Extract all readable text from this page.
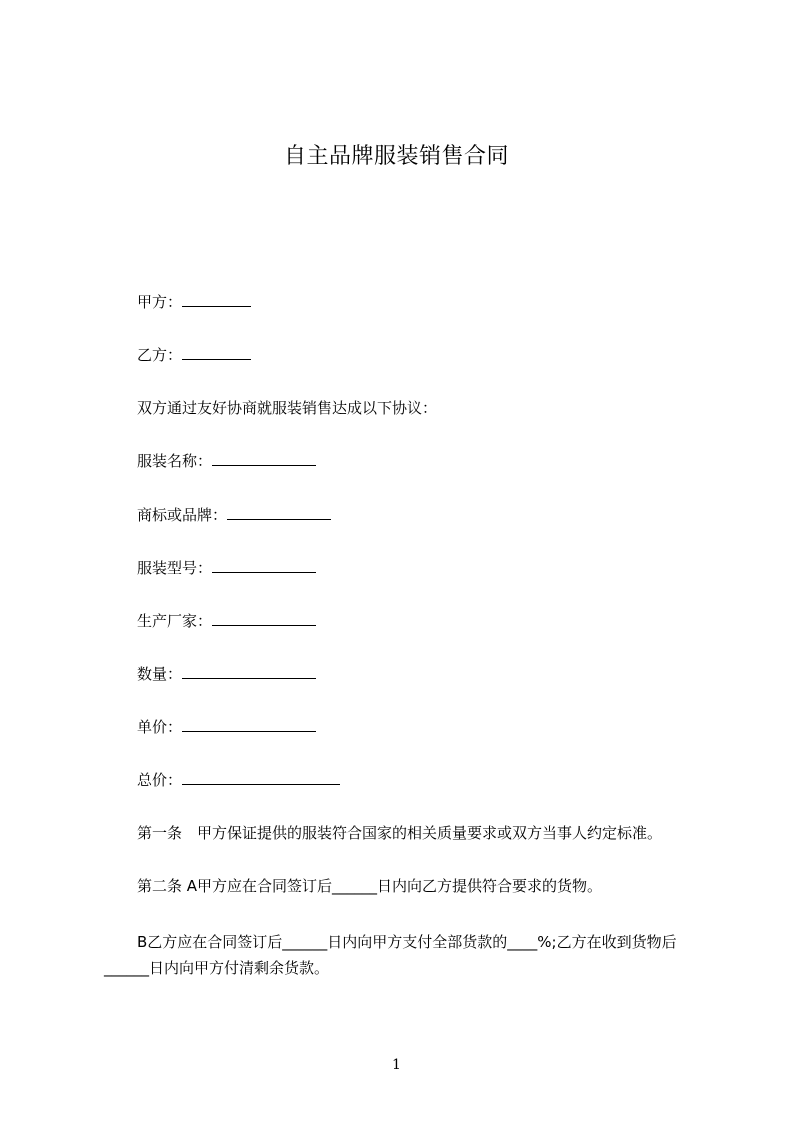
自主品牌服装销售合同
甲方：
乙方：
双方通过友好协商就服装销售达成以下协议：
服装名称：
商标或品牌：
服装型号：
生产厂家：
数量：
单价：
总价：
第一条　甲方保证提供的服装符合国家的相关质量要求或双方当事人约定标准。
第二条 A甲方应在合同签订后______日内向乙方提供符合要求的货物。
B乙方应在合同签订后______日内向甲方支付全部货款的____%;乙方在收到货物后______日内向甲方付清剩余货款。
1
